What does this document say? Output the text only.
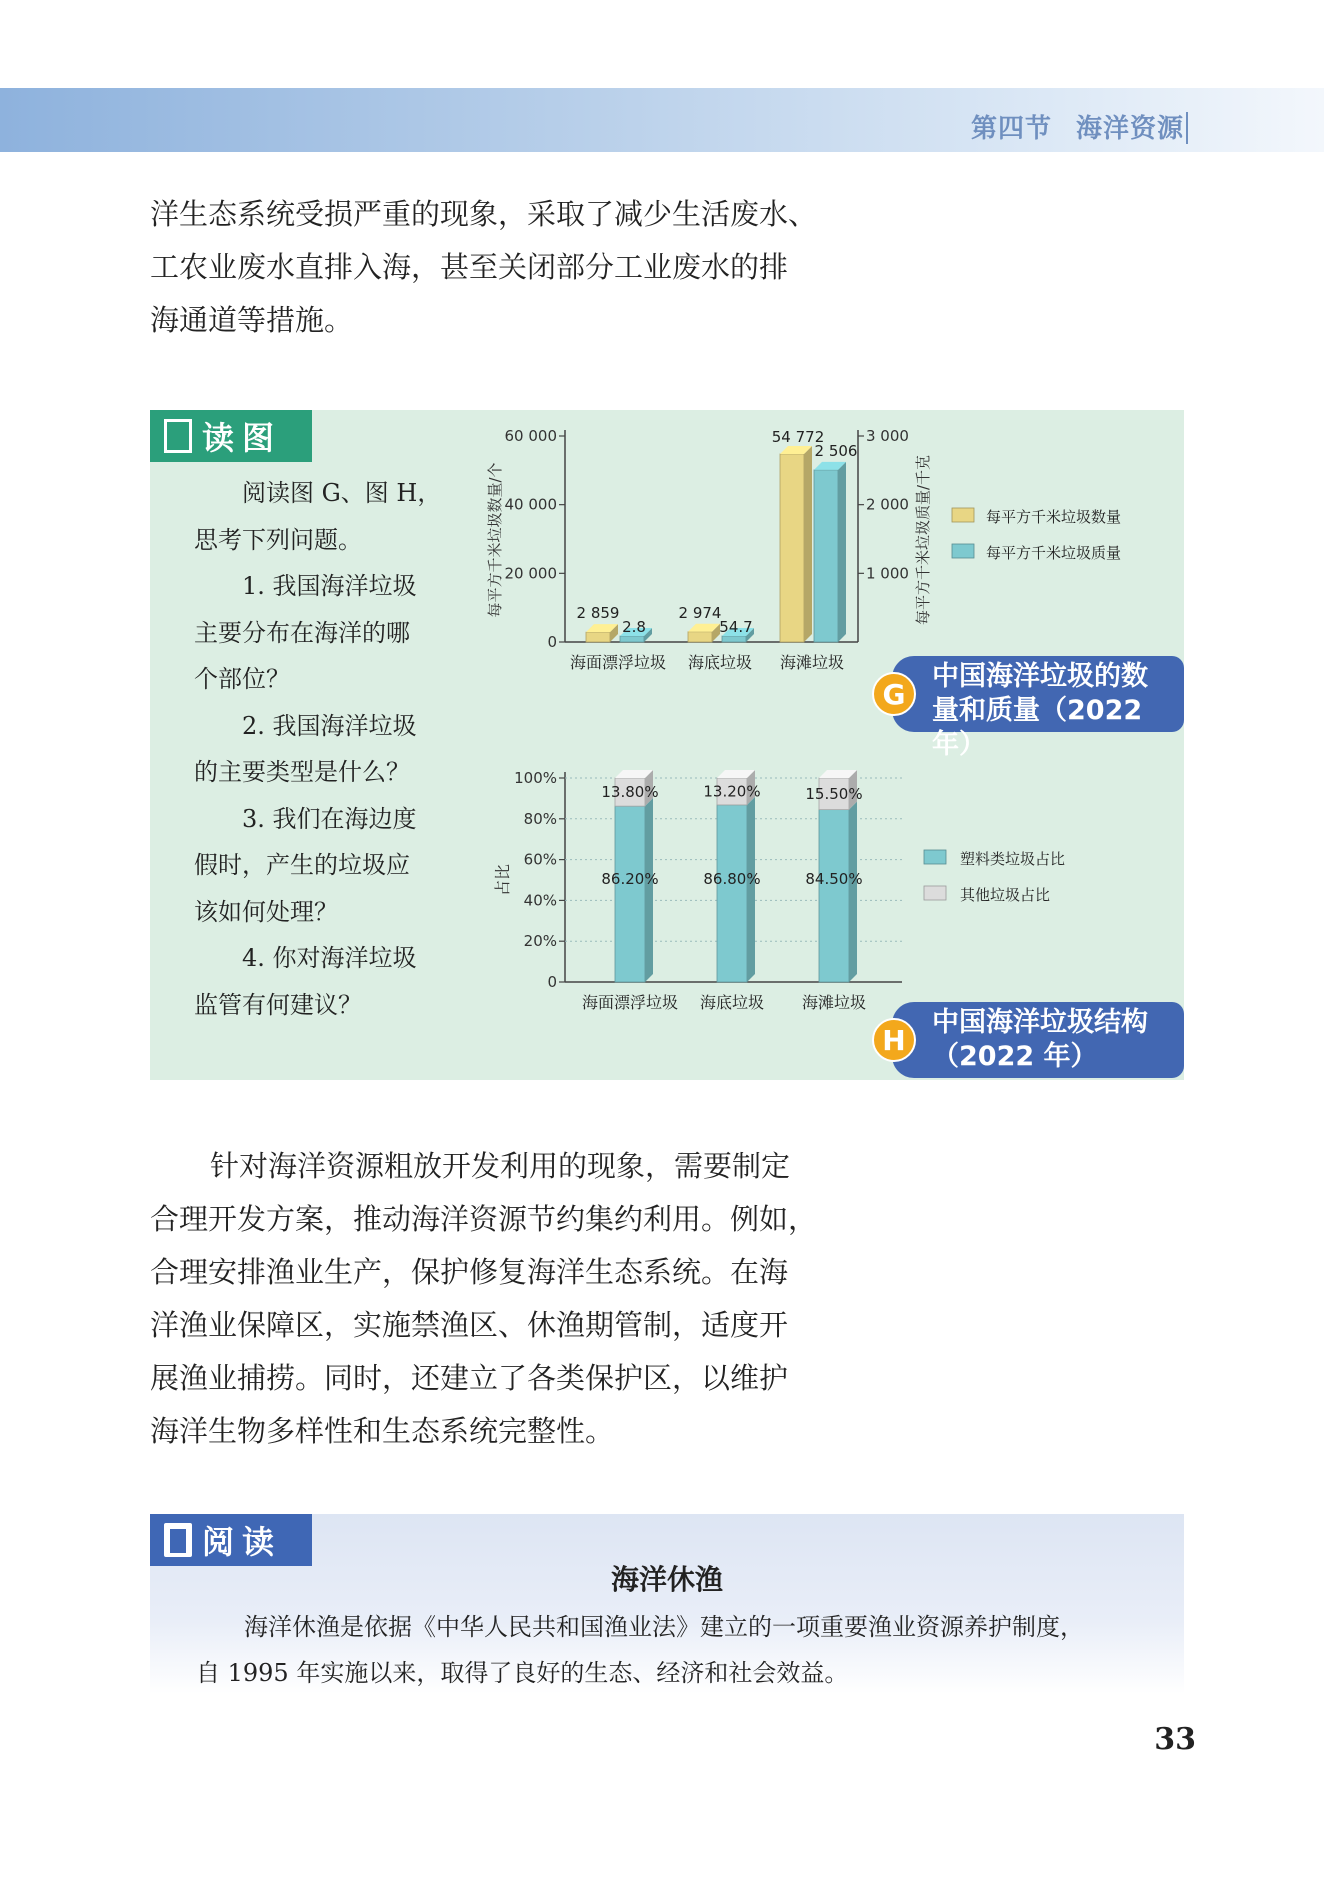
第四节 海洋资源

洋生态系统受损严重的现象，采取了减少生活废水、

工农业废水直排入海，甚至关闭部分工业废水的排

海通道等措施。

读图

阅读图 G、图 H，

思考下列问题。

1. 我国海洋垃圾

主要分布在海洋的哪

个部位？

2. 我国海洋垃圾

的主要类型是什么？

3. 我们在海边度

假时，产生的垃圾应

该如何处理？

4. 你对海洋垃圾

监管有何建议？

0
20 000
40 000
60 000
1 000
2 000
3 000
每平方千米垃圾数量/个	每平方千米垃圾质量/千克
海面漂浮垃圾 海底垃圾 海滩垃圾
2 859
2.8
2 974
54.7
54 772
2 506
每平方千米垃圾数量
每平方千米垃圾质量
0
20%
40%
60%
80%
100%
占比
13.80%
86.20%
海面漂浮垃圾
13.20%
86.80%
海底垃圾
15.50%
84.50%
海滩垃圾
塑料类垃圾占比
其他垃圾占比
中国海洋垃圾的数
量和质量（2022 年）
G
中国海洋垃圾结构
（2022 年）
H

针对海洋资源粗放开发利用的现象，需要制定

合理开发方案，推动海洋资源节约集约利用。例如，

合理安排渔业生产，保护修复海洋生态系统。在海

洋渔业保障区，实施禁渔区、休渔期管制，适度开

展渔业捕捞。同时，还建立了各类保护区，以维护

海洋生物多样性和生态系统完整性。

阅读
海洋休渔

海洋休渔是依据《中华人民共和国渔业法》建立的一项重要渔业资源养护制度，

自 1995 年实施以来，取得了良好的生态、经济和社会效益。

33
